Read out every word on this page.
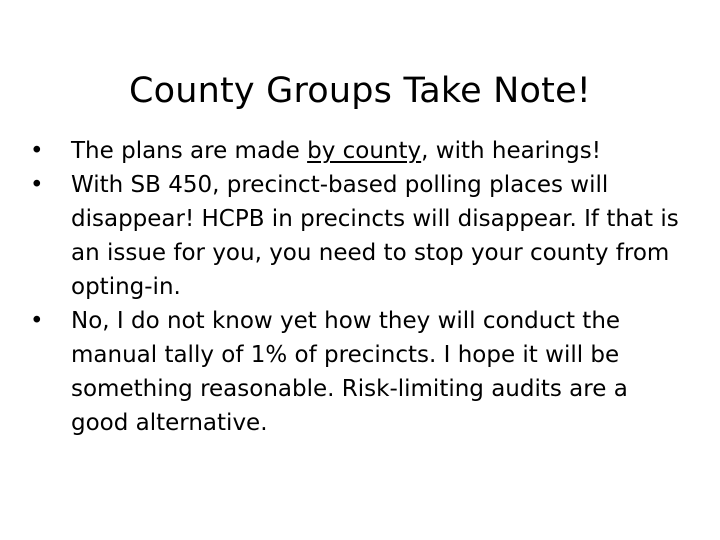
County Groups Take Note!
• The plans are made by county, with hearings!
• With SB 450, precinct-based polling places will disappear! HCPB in precincts will disappear. If that is an issue for you, you need to stop your county from opting-in.
• No, I do not know yet how they will conduct the manual tally of 1% of precincts. I hope it will be something reasonable. Risk-limiting audits are a good alternative.
